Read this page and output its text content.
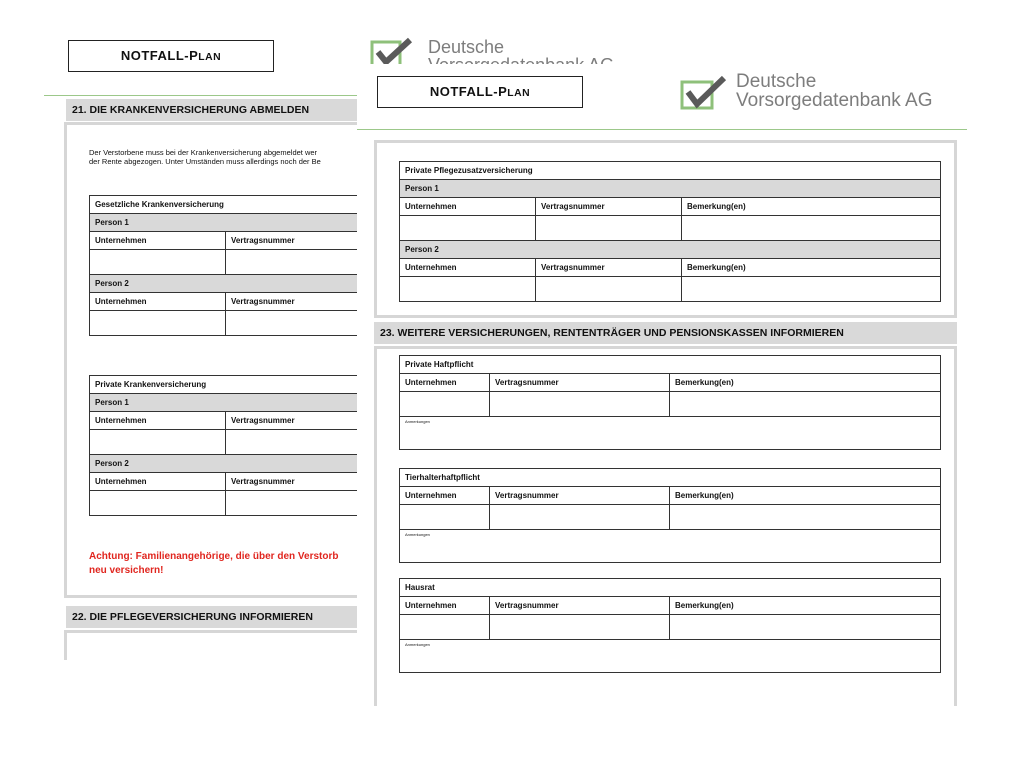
NOTFALL-PLAN
21. DIE KRANKENVERSICHERUNG ABMELDEN
Der Verstorbene muss bei der Krankenversicherung abgemeldet wer
der Rente abgezogen. Unter Umständen muss allerdings noch der Be
Gesetzliche Krankenversicherung	
Person 1	
Unternehmen	Vertragsnummer

Person 2	
Unternehmen	Vertragsnummer

Private Krankenversicherung	
Person 1	
Unternehmen	Vertragsnummer

Person 2	
Unternehmen	Vertragsnummer

Achtung: Familienangehörige, die über den Verstorb
neu versichern!
22. DIE PFLEGEVERSICHERUNG INFORMIEREN
Deutsche
NOTFALL-PLAN
Deutsche
Vorsorgedatenbank AG
Private Pflegezusatzversicherung		
Person 1		
Unternehmen	Vertragsnummer	Bemerkung(en)

Person 2		
Unternehmen	Vertragsnummer	Bemerkung(en)

23. WEITERE VERSICHERUNGEN, RENTENTRÄGER UND PENSIONSKASSEN INFORMIEREN
Private Haftpflicht		
Unternehmen	Vertragsnummer	Bemerkung(en)

Anmerkungen		
Tierhalterhaftpflicht		
Unternehmen	Vertragsnummer	Bemerkung(en)

Anmerkungen		
Hausrat		
Unternehmen	Vertragsnummer	Bemerkung(en)

Anmerkungen		
